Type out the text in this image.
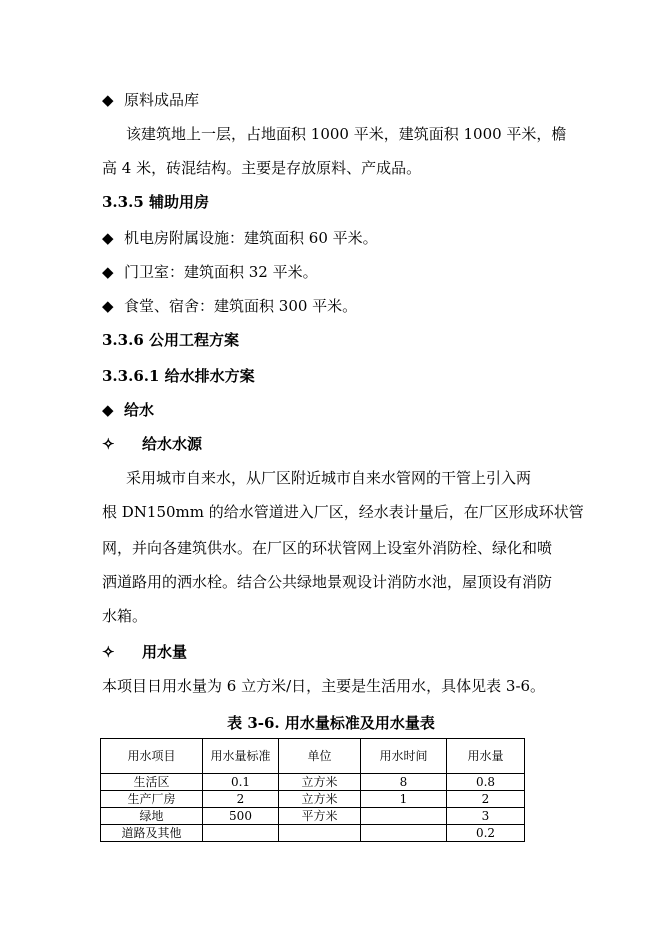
◆ 原料成品库
该建筑地上一层，占地面积 1000 平米，建筑面积 1000 平米，檐
高 4 米，砖混结构。主要是存放原料、产成品。
3.3.5 辅助用房
◆ 机电房附属设施：建筑面积 60 平米。
◆ 门卫室：建筑面积 32 平米。
◆ 食堂、宿舍：建筑面积 300 平米。
3.3.6 公用工程方案
3.3.6.1 给水排水方案
◆ 给水
✧ 给水水源
采用城市自来水，从厂区附近城市自来水管网的干管上引入两
根 DN150mm 的给水管道进入厂区，经水表计量后，在厂区形成环状管
网，并向各建筑供水。在厂区的环状管网上设室外消防栓、绿化和喷
洒道路用的洒水栓。结合公共绿地景观设计消防水池，屋顶设有消防
水箱。
✧ 用水量
本项目日用水量为 6 立方米/日，主要是生活用水，具体见表 3-6。
表 3-6. 用水量标准及用水量表
用水项目	用水量标准	单位	用水时间	用水量
生活区	0.1	立方米	8	0.8
生产厂房	2	立方米	1	2
绿地	500	平方米		3
道路及其他				0.2
